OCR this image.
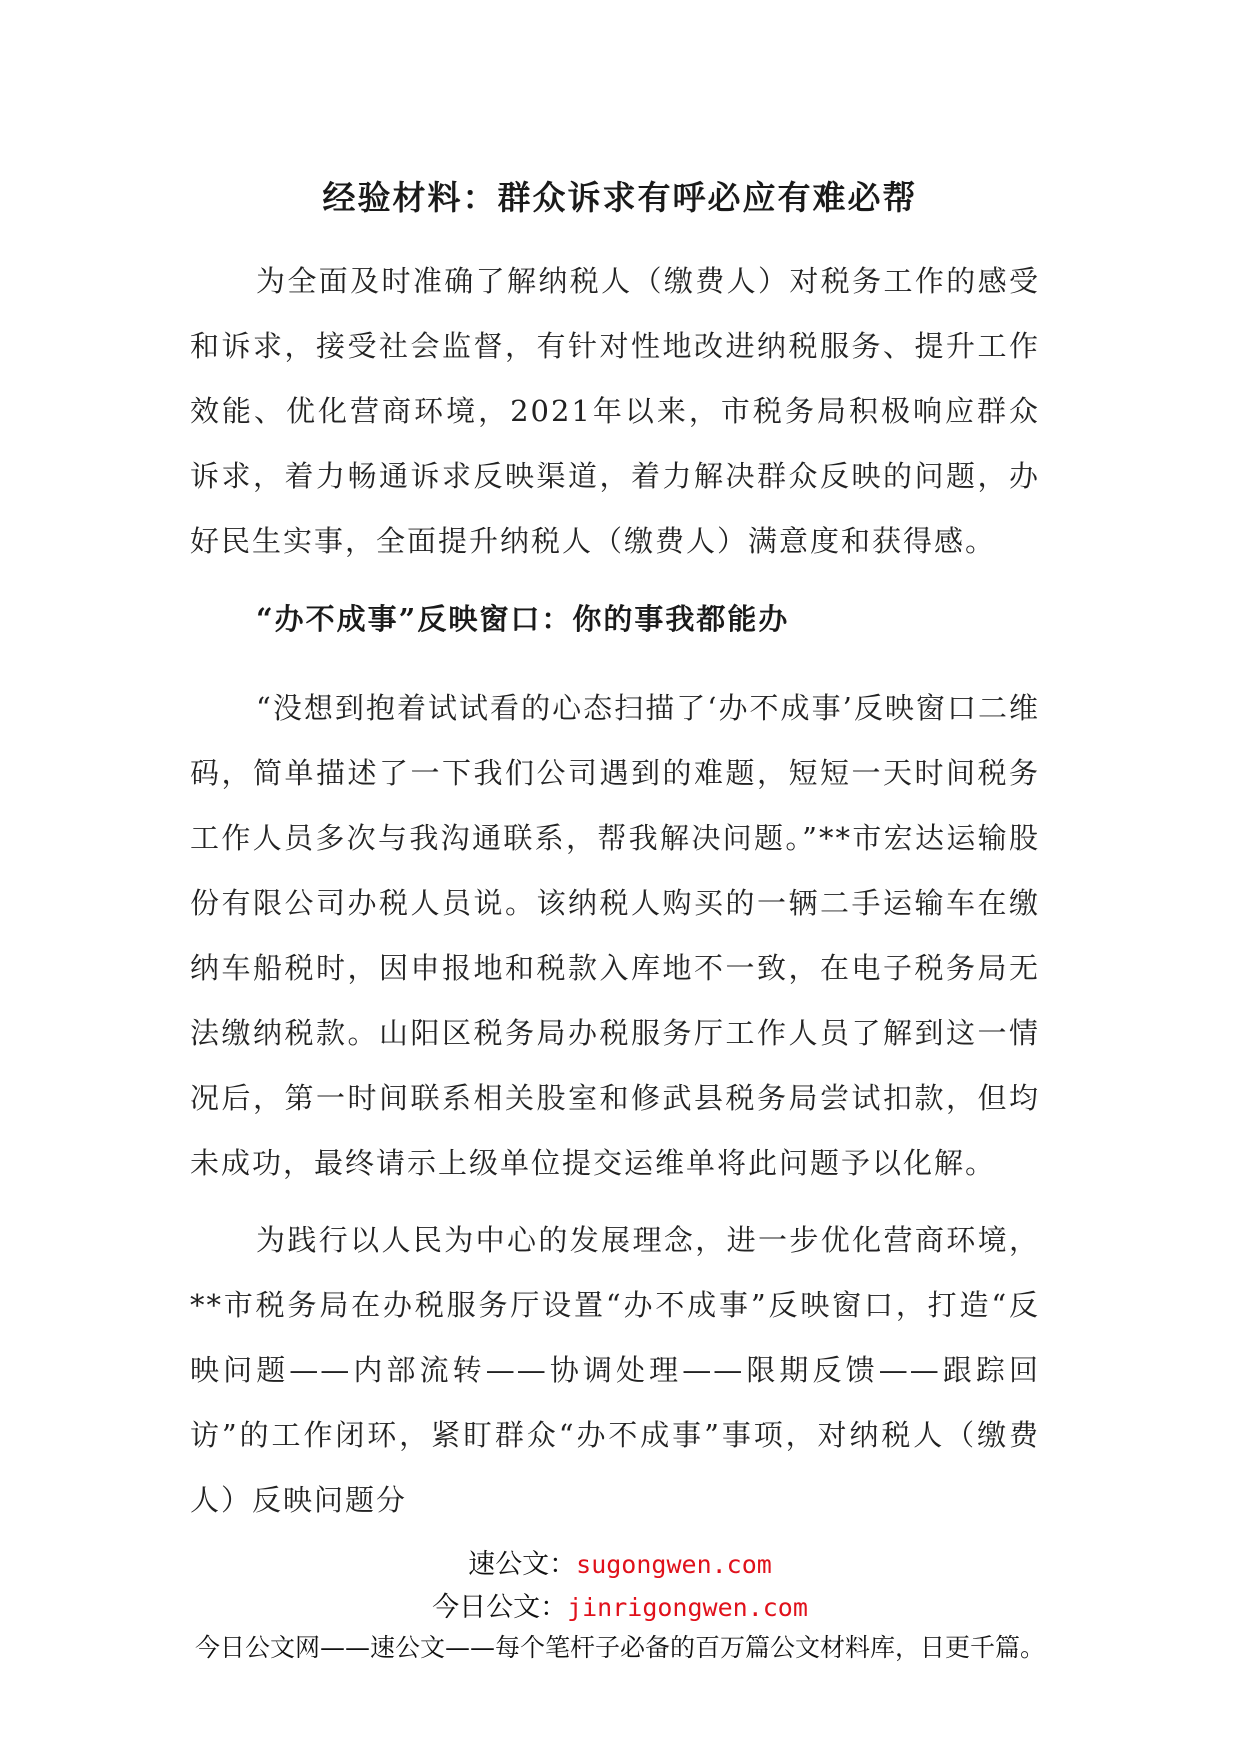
经验材料：群众诉求有呼必应有难必帮

为全面及时准确了解纳税人（缴费人）对税务工作的感受和诉求，接受社会监督，有针对性地改进纳税服务、提升工作效能、优化营商环境，2021年以来，市税务局积极响应群众诉求，着力畅通诉求反映渠道，着力解决群众反映的问题，办好民生实事，全面提升纳税人（缴费人）满意度和获得感。

“办不成事”反映窗口：你的事我都能办

“没想到抱着试试看的心态扫描了‘办不成事’反映窗口二维码，简单描述了一下我们公司遇到的难题，短短一天时间税务工作人员多次与我沟通联系，帮我解决问题。”**市宏达运输股份有限公司办税人员说。该纳税人购买的一辆二手运输车在缴纳车船税时，因申报地和税款入库地不一致，在电子税务局无法缴纳税款。山阳区税务局办税服务厅工作人员了解到这一情况后，第一时间联系相关股室和修武县税务局尝试扣款，但均未成功，最终请示上级单位提交运维单将此问题予以化解。

为践行以人民为中心的发展理念，进一步优化营商环境，**市税务局在办税服务厅设置“办不成事”反映窗口，打造“反映问题——内部流转——协调处理——限期反馈——跟踪回访”的工作闭环，紧盯群众“办不成事”事项，对纳税人（缴费人）反映问题分

速公文：sugongwen.com
今日公文：jinrigongwen.com
今日公文网——速公文——每个笔杆子必备的百万篇公文材料库，日更千篇。
